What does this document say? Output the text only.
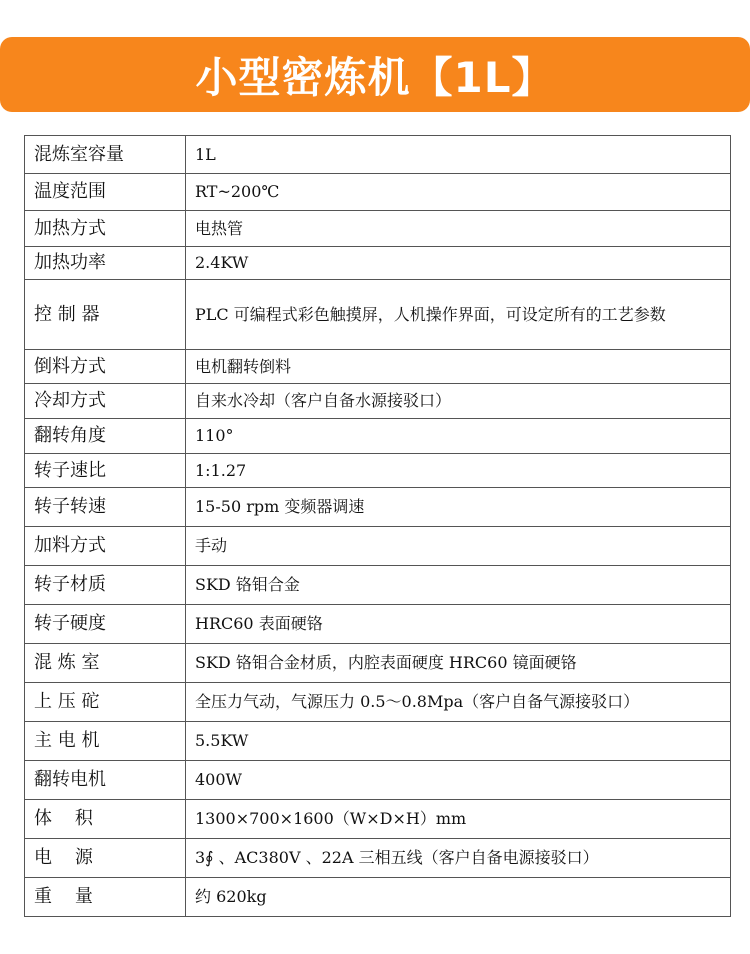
小型密炼机【1L】
混炼室容量	1L
温度范围	RT~200℃
加热方式	电热管
加热功率	2.4KW
控 制 器	PLC 可编程式彩色触摸屏，人机操作界面，可设定所有的工艺参数
倒料方式	电机翻转倒料
冷却方式	自来水冷却（客户自备水源接驳口）
翻转角度	110°
转子速比	1:1.27
转子转速	15-50 rpm 变频器调速
加料方式	手动
转子材质	SKD 铬钼合金
转子硬度	HRC60 表面硬铬
混 炼 室	SKD 铬钼合金材质，内腔表面硬度 HRC60 镜面硬铬
上 压 砣	全压力气动，气源压力 0.5～0.8Mpa（客户自备气源接驳口）
主 电 机	5.5KW
翻转电机	400W
体    积	1300×700×1600（W×D×H）mm
电    源	3∮ 、AC380V 、22A 三相五线（客户自备电源接驳口）
重    量	约 620kg
